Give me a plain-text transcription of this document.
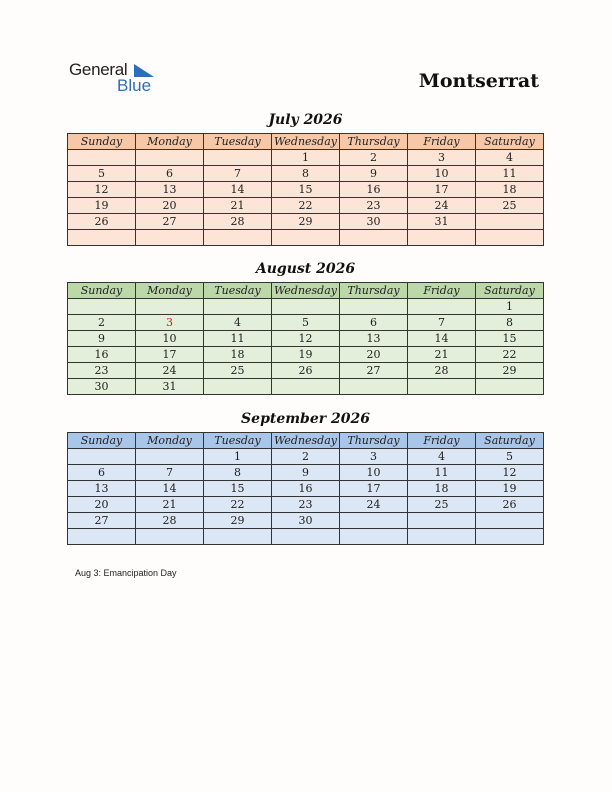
General
Blue	Montserrat
July 2026
Sunday	Monday	Tuesday	Wednesday	Thursday	Friday	Saturday
			1	2	3	4
5	6	7	8	9	10	11
12	13	14	15	16	17	18
19	20	21	22	23	24	25
26	27	28	29	30	31	

August 2026
Sunday	Monday	Tuesday	Wednesday	Thursday	Friday	Saturday
						1
2	3	4	5	6	7	8
9	10	11	12	13	14	15
16	17	18	19	20	21	22
23	24	25	26	27	28	29
30	31					
September 2026
Sunday	Monday	Tuesday	Wednesday	Thursday	Friday	Saturday
		1	2	3	4	5
6	7	8	9	10	11	12
13	14	15	16	17	18	19
20	21	22	23	24	25	26
27	28	29	30			

Aug 3: Emancipation Day
